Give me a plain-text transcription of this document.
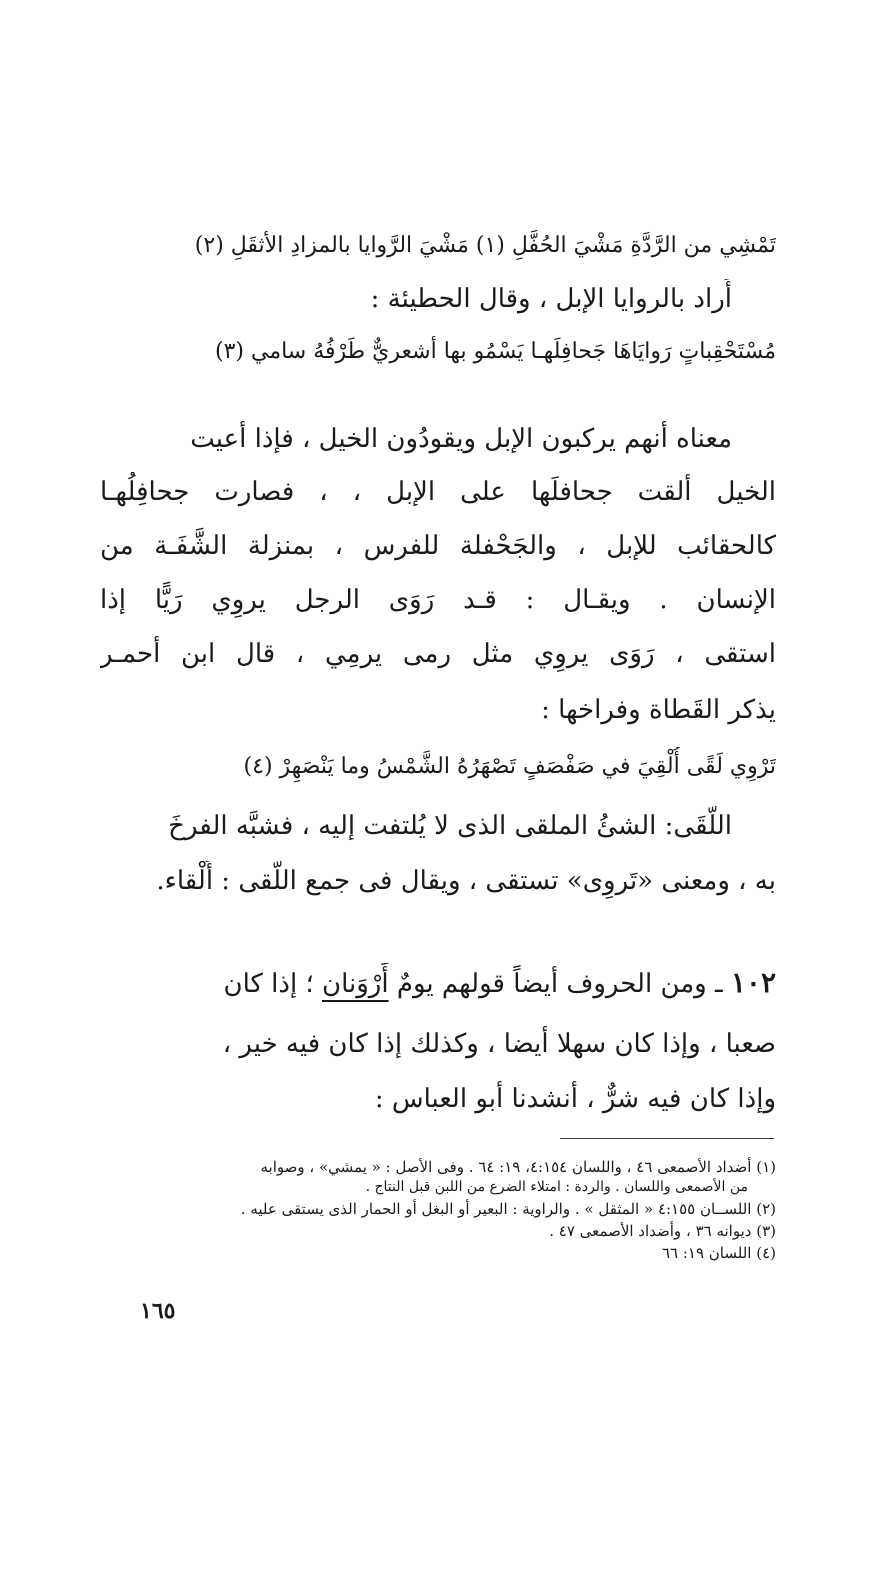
تَمْشِي من الرَّدَّةِ مَشْيَ الحُفَّلِ (١) مَشْيَ الرَّوايا بالمزادِ الأثقَلِ (٢)
أَراد بالروايا الإبل ، وقال الحطيئة :
مُسْتَحْقِباتٍ رَوايَاهَا جَحافِلَهـا يَسْمُو بها أشعريٌّ طَرْفُهُ سامي (٣)
معناه أنهم يركبون الإبل ويقودُون الخيل ، فإذا أعيت
الخيل ألقت جحافلَها على الإبل ، ، فصارت جحافِلُهـا
كالحقائب للإبل ، والجَحْفلة للفرس ، بمنزلة الشَّفَـة من
الإنسان . ويقـال : قـد رَوَى الرجل يروِي رَيًّا إذا
استقى ، رَوَى يروِي مثل رمى يرمِي ، قال ابن أحمـر
يذكر القَطاة وفراخها :
تَرْوِي لَقًى أُلْقِيَ في صَفْصَفٍ تَصْهَرُهُ الشَّمْسُ وما يَنْصَهِرْ (٤)
اللَّقَى: الشئُ الملقى الذى لا يُلتفت إليه ، فشبَّه الفرخَ
به ، ومعنى «تَروِى» تستقى ، ويقال فى جمع اللَّقى : أَلْقاء.
١٠٢ ـ ومن الحروف أيضاً قولهم يومٌ أَرْوَنان ؛ إذا كان
صعبا ، وإذا كان سهلا أيضا ، وكذلك إذا كان فيه خير ،
وإذا كان فيه شرٌّ ، أنشدنا أبو العباس :
(١) أضداد الأصمعى ٤٦ ، واللسان ٤:١٥٤، ١٩: ٦٤ . وفى الأصل : « يمشي» ، وصوابه
من الأصمعى واللسان . والردة : امتلاء الضرع من اللبن قبل النتاج .
(٢) اللســان ٤:١٥٥ « المثقل » . والراوية : البعير أو البغل أو الحمار الذى يستقى عليه .
(٣) ديوانه ٣٦ ، وأضداد الأصمعى ٤٧ .
(٤) اللسان ١٩: ٦٦
١٦٥
